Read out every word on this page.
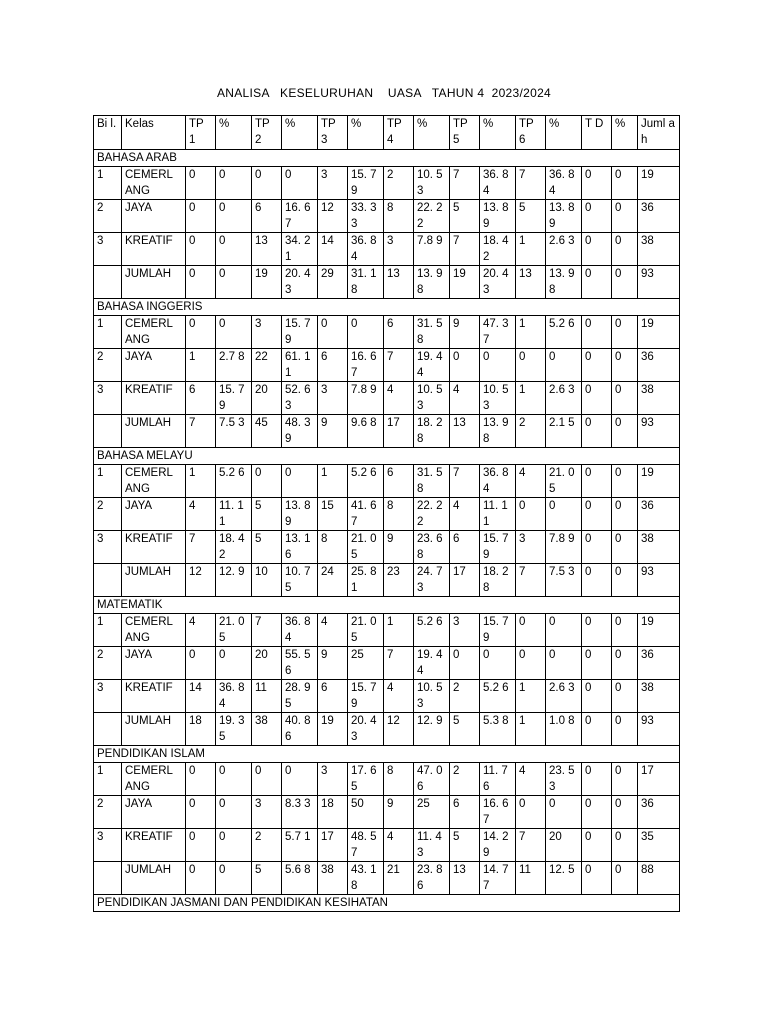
ANALISA   KESELURUHAN    UASA   TAHUN 4  2023/2024
Bi l.	Kelas	TP 1	%	TP 2	%	TP 3	%	TP 4	%	TP 5	%	TP 6	%	T D	%	Juml ah
BAHASA ARAB																
1	CEMERL ANG	0	0	0	0	3	15. 79	2	10. 53	7	36. 84	7	36. 84	0	0	19
2	JAYA	0	0	6	16. 67	12	33. 33	8	22. 22	5	13. 89	5	13. 89	0	0	36
3	KREATIF	0	0	13	34. 21	14	36. 84	3	7.8 9	7	18. 42	1	2.6 3	0	0	38
	JUMLAH	0	0	19	20. 43	29	31. 18	13	13. 98	19	20. 43	13	13. 98	0	0	93
BAHASA INGGERIS																
1	CEMERL ANG	0	0	3	15. 79	0	0	6	31. 58	9	47. 37	1	5.2 6	0	0	19
2	JAYA	1	2.7 8	22	61. 11	6	16. 67	7	19. 44	0	0	0	0	0	0	36
3	KREATIF	6	15. 79	20	52. 63	3	7.8 9	4	10. 53	4	10. 53	1	2.6 3	0	0	38
	JUMLAH	7	7.5 3	45	48. 39	9	9.6 8	17	18. 28	13	13. 98	2	2.1 5	0	0	93
BAHASA MELAYU																
1	CEMERL ANG	1	5.2 6	0	0	1	5.2 6	6	31. 58	7	36. 84	4	21. 05	0	0	19
2	JAYA	4	11. 11	5	13. 89	15	41. 67	8	22. 22	4	11. 11	0	0	0	0	36
3	KREATIF	7	18. 42	5	13. 16	8	21. 05	9	23. 68	6	15. 79	3	7.8 9	0	0	38
	JUMLAH	12	12. 9	10	10. 75	24	25. 81	23	24. 73	17	18. 28	7	7.5 3	0	0	93
MATEMATIK																
1	CEMERL ANG	4	21. 05	7	36. 84	4	21. 05	1	5.2 6	3	15. 79	0	0	0	0	19
2	JAYA	0	0	20	55. 56	9	25	7	19. 44	0	0	0	0	0	0	36
3	KREATIF	14	36. 84	11	28. 95	6	15. 79	4	10. 53	2	5.2 6	1	2.6 3	0	0	38
	JUMLAH	18	19. 35	38	40. 86	19	20. 43	12	12. 9	5	5.3 8	1	1.0 8	0	0	93
PENDIDIKAN ISLAM																
1	CEMERL ANG	0	0	0	0	3	17. 65	8	47. 06	2	11. 76	4	23. 53	0	0	17
2	JAYA	0	0	3	8.3 3	18	50	9	25	6	16. 67	0	0	0	0	36
3	KREATIF	0	0	2	5.7 1	17	48. 57	4	11. 43	5	14. 29	7	20	0	0	35
	JUMLAH	0	0	5	5.6 8	38	43. 18	21	23. 86	13	14. 77	11	12. 5	0	0	88
PENDIDIKAN JASMANI DAN PENDIDIKAN KESIHATAN																
